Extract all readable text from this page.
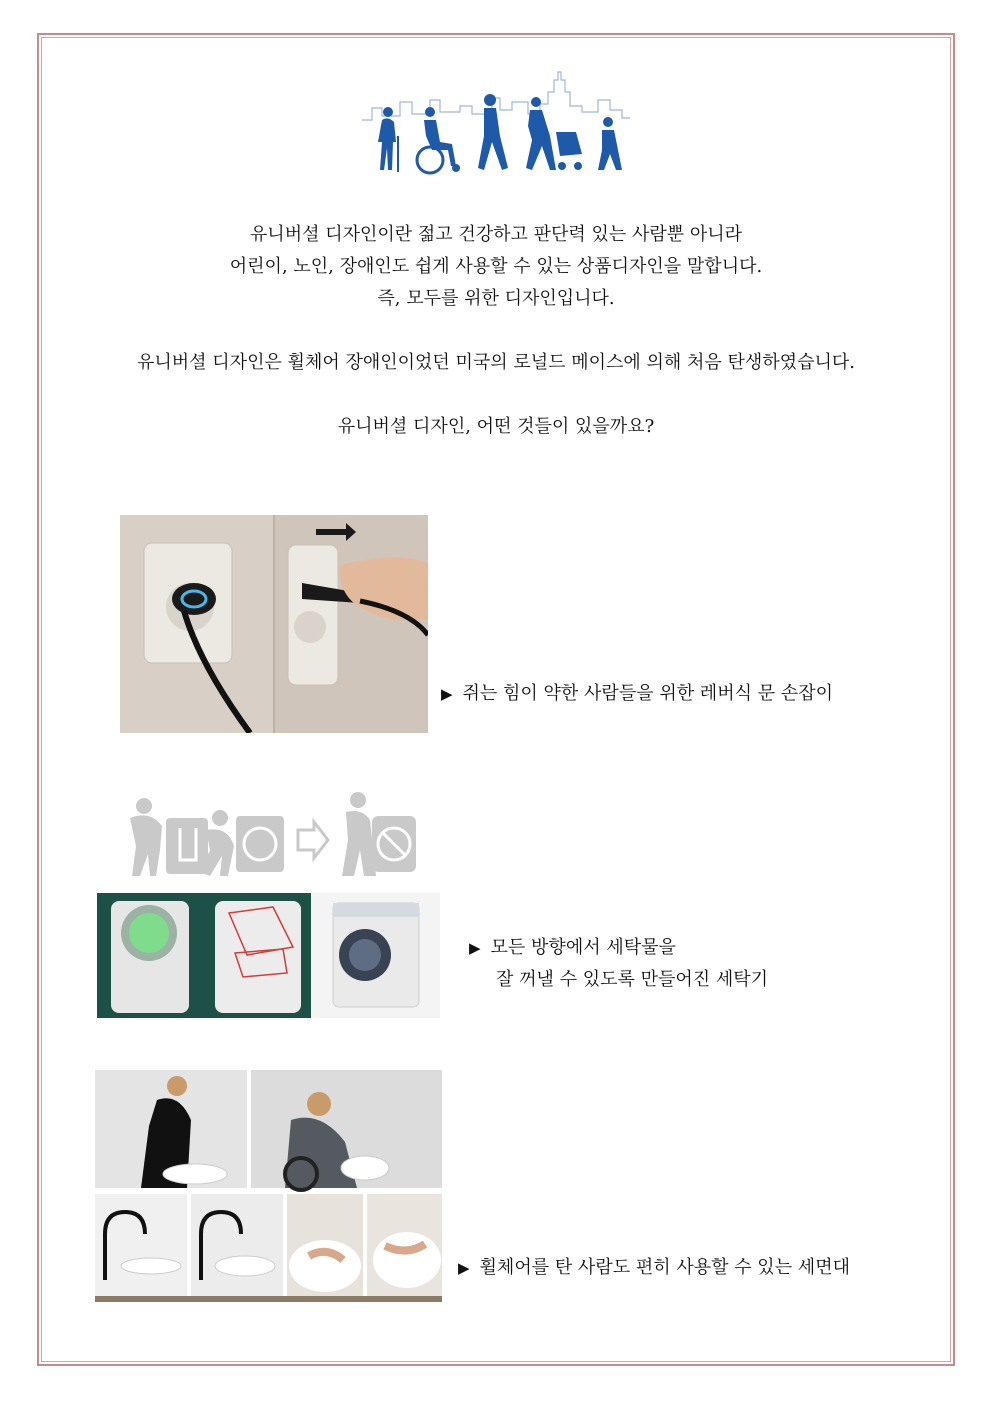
유니버셜 디자인이란 젊고 건강하고 판단력 있는 사람뿐 아니라
어린이, 노인, 장애인도 쉽게 사용할 수 있는 상품디자인을 말합니다.
즉, 모두를 위한 디자인입니다.
유니버셜 디자인은 휠체어 장애인이었던 미국의 로널드 메이스에 의해 처음 탄생하였습니다.
유니버셜 디자인, 어떤 것들이 있을까요?
▶ 쥐는 힘이 약한 사람들을 위한 레버식 문 손잡이
▶ 모든 방향에서 세탁물을
잘 꺼낼 수 있도록 만들어진 세탁기
▶ 휠체어를 탄 사람도 편히 사용할 수 있는 세면대
